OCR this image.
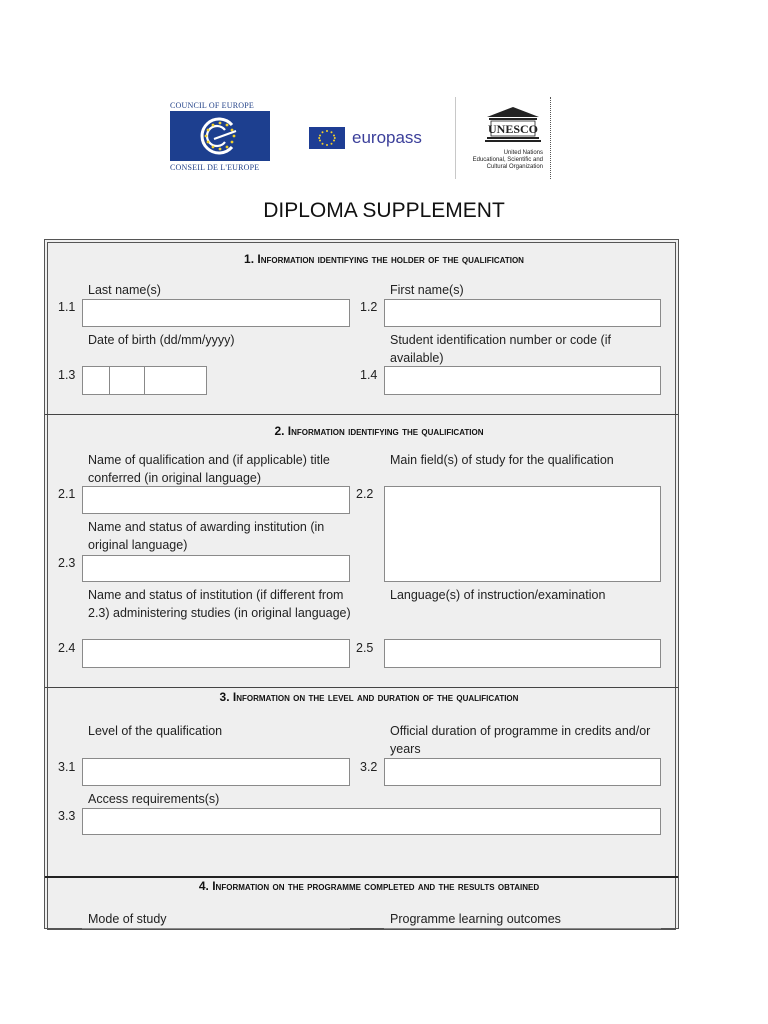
COUNCIL OF EUROPE
CONSEIL DE L'EUROPE
europass	UNESCO
United Nations
Educational, Scientific and
Cultural Organization
DIPLOMA SUPPLEMENT
1. Information identifying the holder of the qualification
Last name(s)
1.1
First name(s)
1.2
Date of birth (dd/mm/yyyy)
1.3
Student identification number or code (if available)
1.4
2. Information identifying the qualification
Name of qualification and (if applicable) title conferred (in original language)
2.1
Main field(s) of study for the qualification
2.2
Name and status of awarding institution (in original language)
2.3
Name and status of institution (if different from 2.3) administering studies (in original language)
2.4
Language(s) of instruction/examination
2.5
3. Information on the level and duration of the qualification
Level of the qualification
3.1
Official duration of programme in credits and/or years
3.2
Access requirements(s)
3.3
4. Information on the programme completed and the results obtained
Mode of study	Programme learning outcomes
